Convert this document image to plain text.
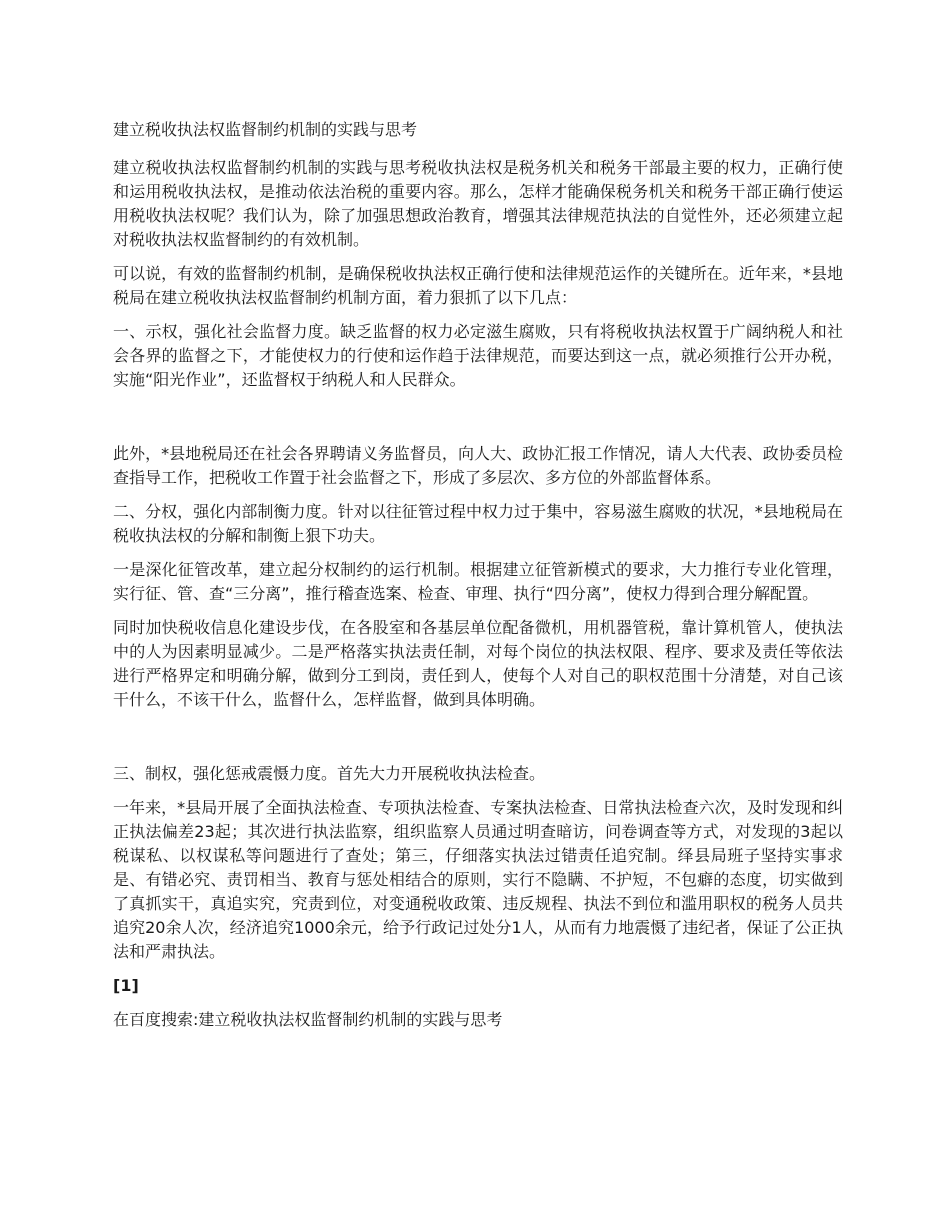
建立税收执法权监督制约机制的实践与思考

建立税收执法权监督制约机制的实践与思考税收执法权是税务机关和税务干部最主要的权力，正确行使和运用税收执法权，是推动依法治税的重要内容。那么，怎样才能确保税务机关和税务干部正确行使运用税收执法权呢？我们认为，除了加强思想政治教育，增强其法律规范执法的自觉性外，还必须建立起对税收执法权监督制约的有效机制。

可以说，有效的监督制约机制，是确保税收执法权正确行使和法律规范运作的关键所在。近年来，*县地税局在建立税收执法权监督制约机制方面，着力狠抓了以下几点：

一、示权，强化社会监督力度。缺乏监督的权力必定滋生腐败，只有将税收执法权置于广阔纳税人和社会各界的监督之下，才能使权力的行使和运作趋于法律规范，而要达到这一点，就必须推行公开办税，实施“阳光作业”，还监督权于纳税人和人民群众。

此外，*县地税局还在社会各界聘请义务监督员，向人大、政协汇报工作情况，请人大代表、政协委员检查指导工作，把税收工作置于社会监督之下，形成了多层次、多方位的外部监督体系。

二、分权，强化内部制衡力度。针对以往征管过程中权力过于集中，容易滋生腐败的状况，*县地税局在税收执法权的分解和制衡上狠下功夫。

一是深化征管改革，建立起分权制约的运行机制。根据建立征管新模式的要求，大力推行专业化管理，实行征、管、查“三分离”，推行稽查选案、检查、审理、执行“四分离”，使权力得到合理分解配置。

同时加快税收信息化建设步伐，在各股室和各基层单位配备微机，用机器管税，靠计算机管人，使执法中的人为因素明显减少。二是严格落实执法责任制，对每个岗位的执法权限、程序、要求及责任等依法进行严格界定和明确分解，做到分工到岗，责任到人，使每个人对自己的职权范围十分清楚，对自己该干什么，不该干什么，监督什么，怎样监督，做到具体明确。

三、制权，强化惩戒震慑力度。首先大力开展税收执法检查。

一年来，*县局开展了全面执法检查、专项执法检查、专案执法检查、日常执法检查六次，及时发现和纠正执法偏差23起；其次进行执法监察，组织监察人员通过明查暗访，问卷调查等方式，对发现的3起以税谋私、以权谋私等问题进行了查处；第三，仔细落实执法过错责任追究制。绎县局班子坚持实事求是、有错必究、责罚相当、教育与惩处相结合的原则，实行不隐瞒、不护短，不包癖的态度，切实做到了真抓实干，真追实究，究责到位，对变通税收政策、违反规程、执法不到位和滥用职权的税务人员共追究20余人次，经济追究1000余元，给予行政记过处分1人，从而有力地震慑了违纪者，保证了公正执法和严肃执法。

[1]
在百度搜索:建立税收执法权监督制约机制的实践与思考
